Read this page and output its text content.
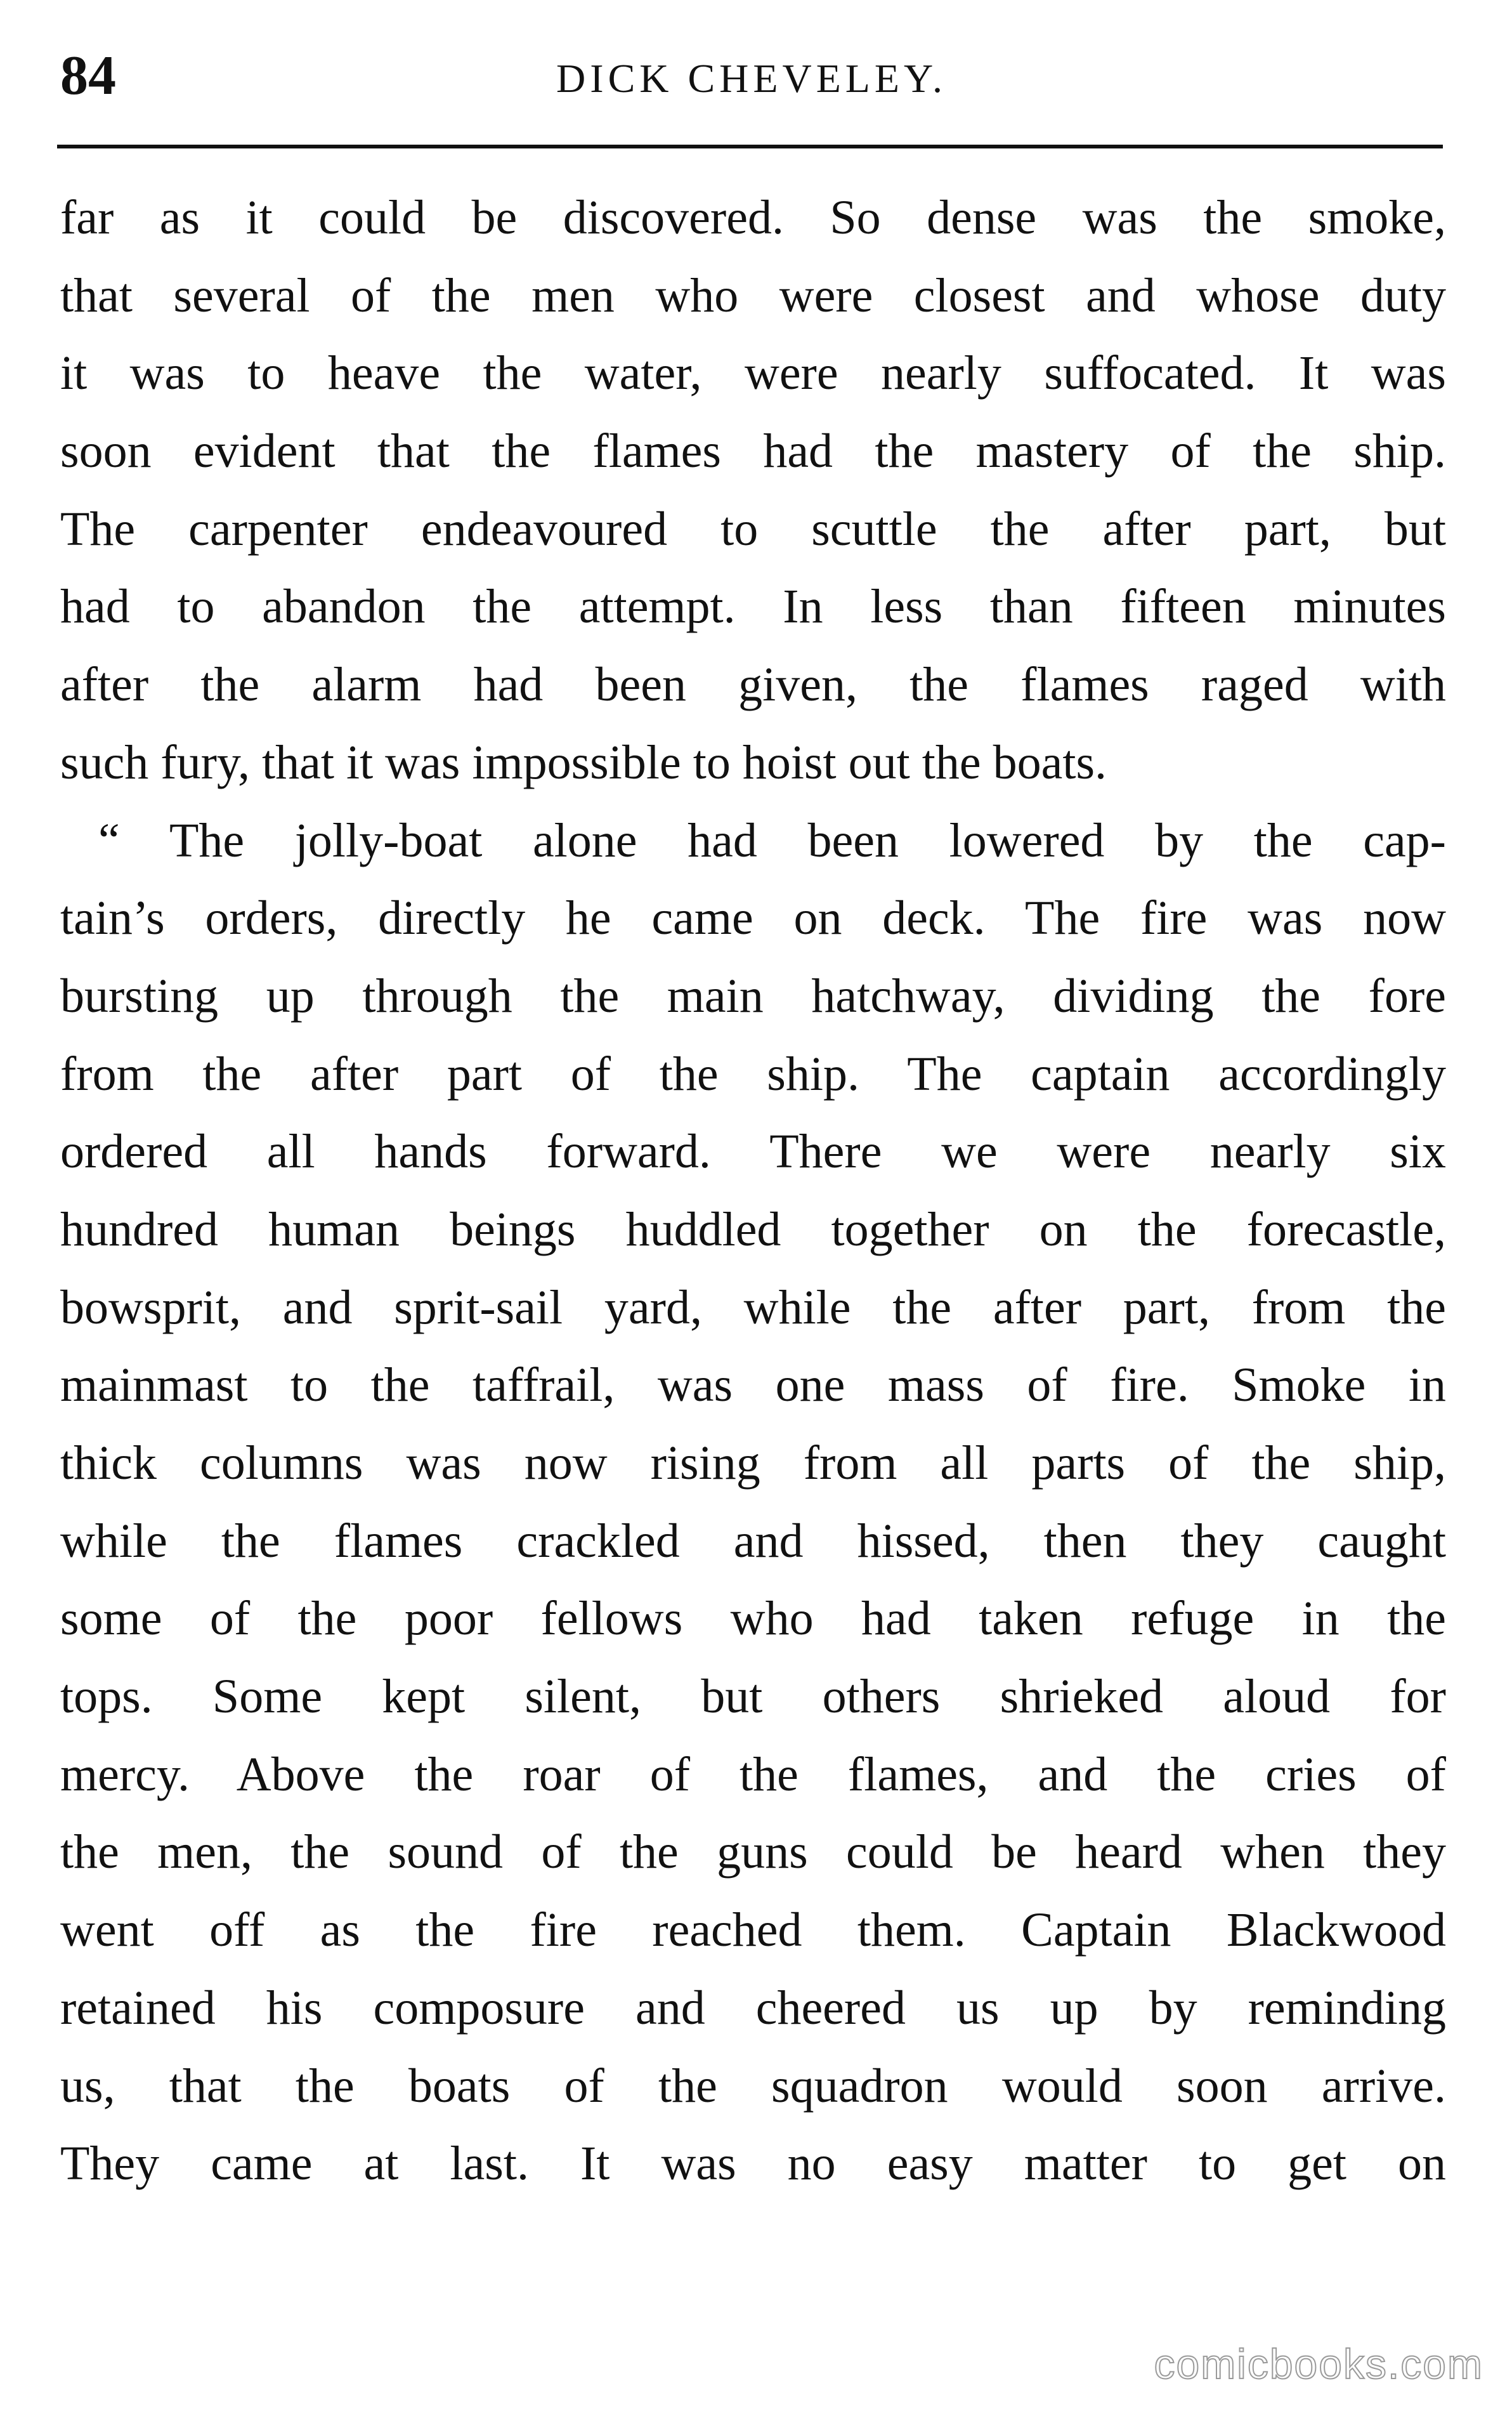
84	DICK CHEVELEY.
far as it could be discovered. So dense was the smoke,
that several of the men who were closest and whose duty
it was to heave the water, were nearly suffocated. It was
soon evident that the flames had the mastery of the ship.
The carpenter endeavoured to scuttle the after part, but
had to abandon the attempt. In less than fifteen minutes
after the alarm had been given, the flames raged with
such fury, that it was impossible to hoist out the boats.
“ The jolly-boat alone had been lowered by the cap-
tain’s orders, directly he came on deck. The fire was now
bursting up through the main hatchway, dividing the fore
from the after part of the ship. The captain accordingly
ordered all hands forward. There we were nearly six
hundred human beings huddled together on the forecastle,
bowsprit, and sprit-sail yard, while the after part, from the
mainmast to the taffrail, was one mass of fire. Smoke in
thick columns was now rising from all parts of the ship,
while the flames crackled and hissed, then they caught
some of the poor fellows who had taken refuge in the
tops. Some kept silent, but others shrieked aloud for
mercy. Above the roar of the flames, and the cries of
the men, the sound of the guns could be heard when they
went off as the fire reached them. Captain Blackwood
retained his composure and cheered us up by reminding
us, that the boats of the squadron would soon arrive.
They came at last. It was no easy matter to get on
comicbooks.com
